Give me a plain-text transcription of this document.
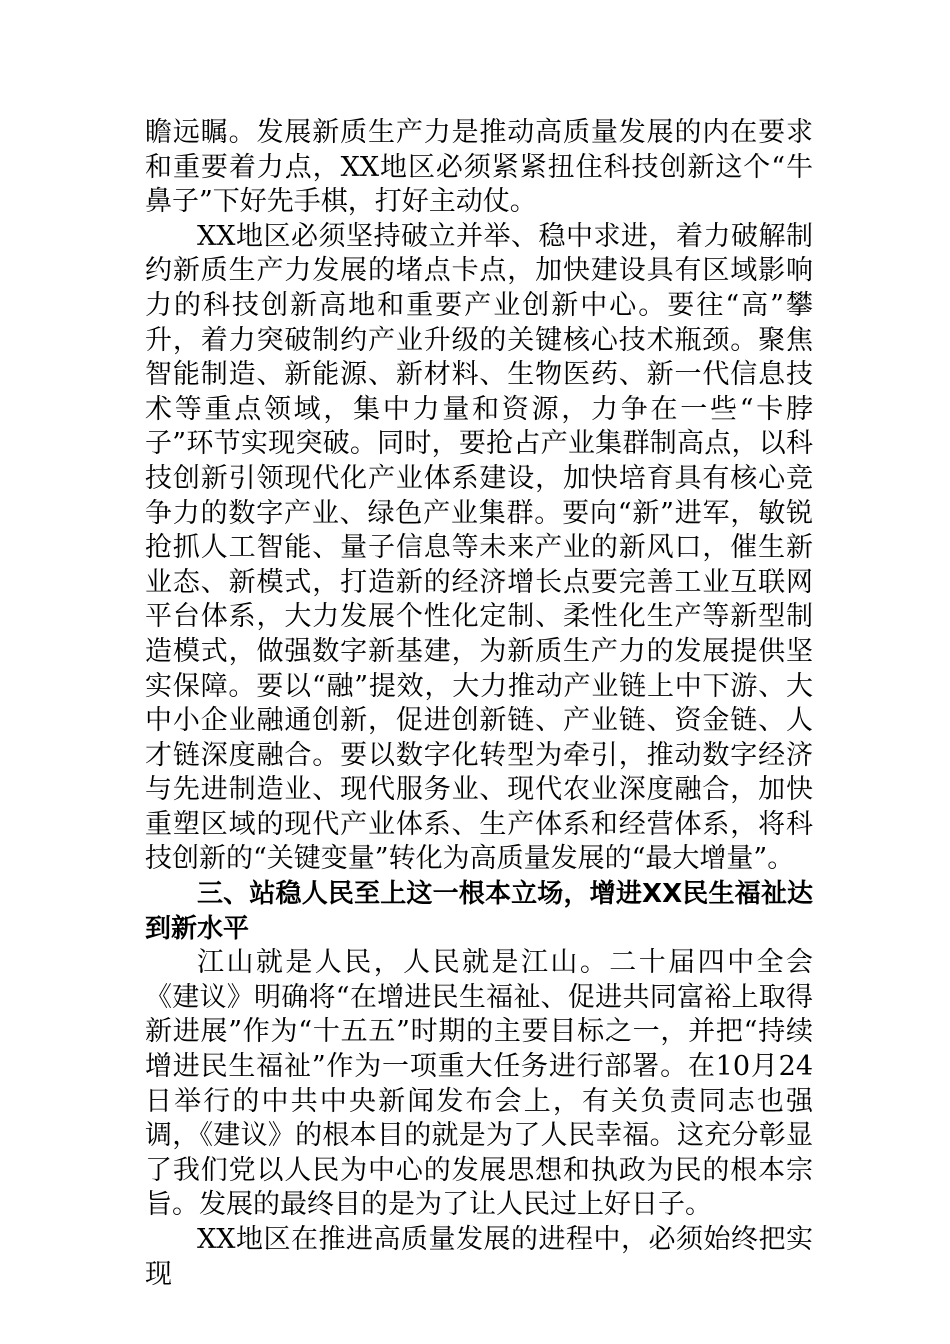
瞻远瞩。发展新质生产力是推动高质量发展的内在要求和重要着力点，XX地区必须紧紧扭住科技创新这个“牛鼻子”下好先手棋，打好主动仗。

XX地区必须坚持破立并举、稳中求进，着力破解制约新质生产力发展的堵点卡点，加快建设具有区域影响力的科技创新高地和重要产业创新中心。要往“高”攀升，着力突破制约产业升级的关键核心技术瓶颈。聚焦智能制造、新能源、新材料、生物医药、新一代信息技术等重点领域，集中力量和资源，力争在一些“卡脖子”环节实现突破。同时，要抢占产业集群制高点，以科技创新引领现代化产业体系建设，加快培育具有核心竞争力的数字产业、绿色产业集群。要向“新”进军，敏锐抢抓人工智能、量子信息等未来产业的新风口，催生新业态、新模式，打造新的经济增长点要完善工业互联网平台体系，大力发展个性化定制、柔性化生产等新型制造模式，做强数字新基建，为新质生产力的发展提供坚实保障。要以“融”提效，大力推动产业链上中下游、大中小企业融通创新，促进创新链、产业链、资金链、人才链深度融合。要以数字化转型为牵引，推动数字经济与先进制造业、现代服务业、现代农业深度融合，加快重塑区域的现代产业体系、生产体系和经营体系，将科技创新的“关键变量”转化为高质量发展的“最大增量”。

三、站稳人民至上这一根本立场，增进XX民生福祉达到新水平

江山就是人民，人民就是江山。二十届四中全会《建议》明确将“在增进民生福祉、促进共同富裕上取得新进展”作为“十五五”时期的主要目标之一，并把“持续增进民生福祉”作为一项重大任务进行部署。在10月24日举行的中共中央新闻发布会上，有关负责同志也强调，《建议》的根本目的就是为了人民幸福。这充分彰显了我们党以人民为中心的发展思想和执政为民的根本宗旨。发展的最终目的是为了让人民过上好日子。

XX地区在推进高质量发展的进程中，必须始终把实现
